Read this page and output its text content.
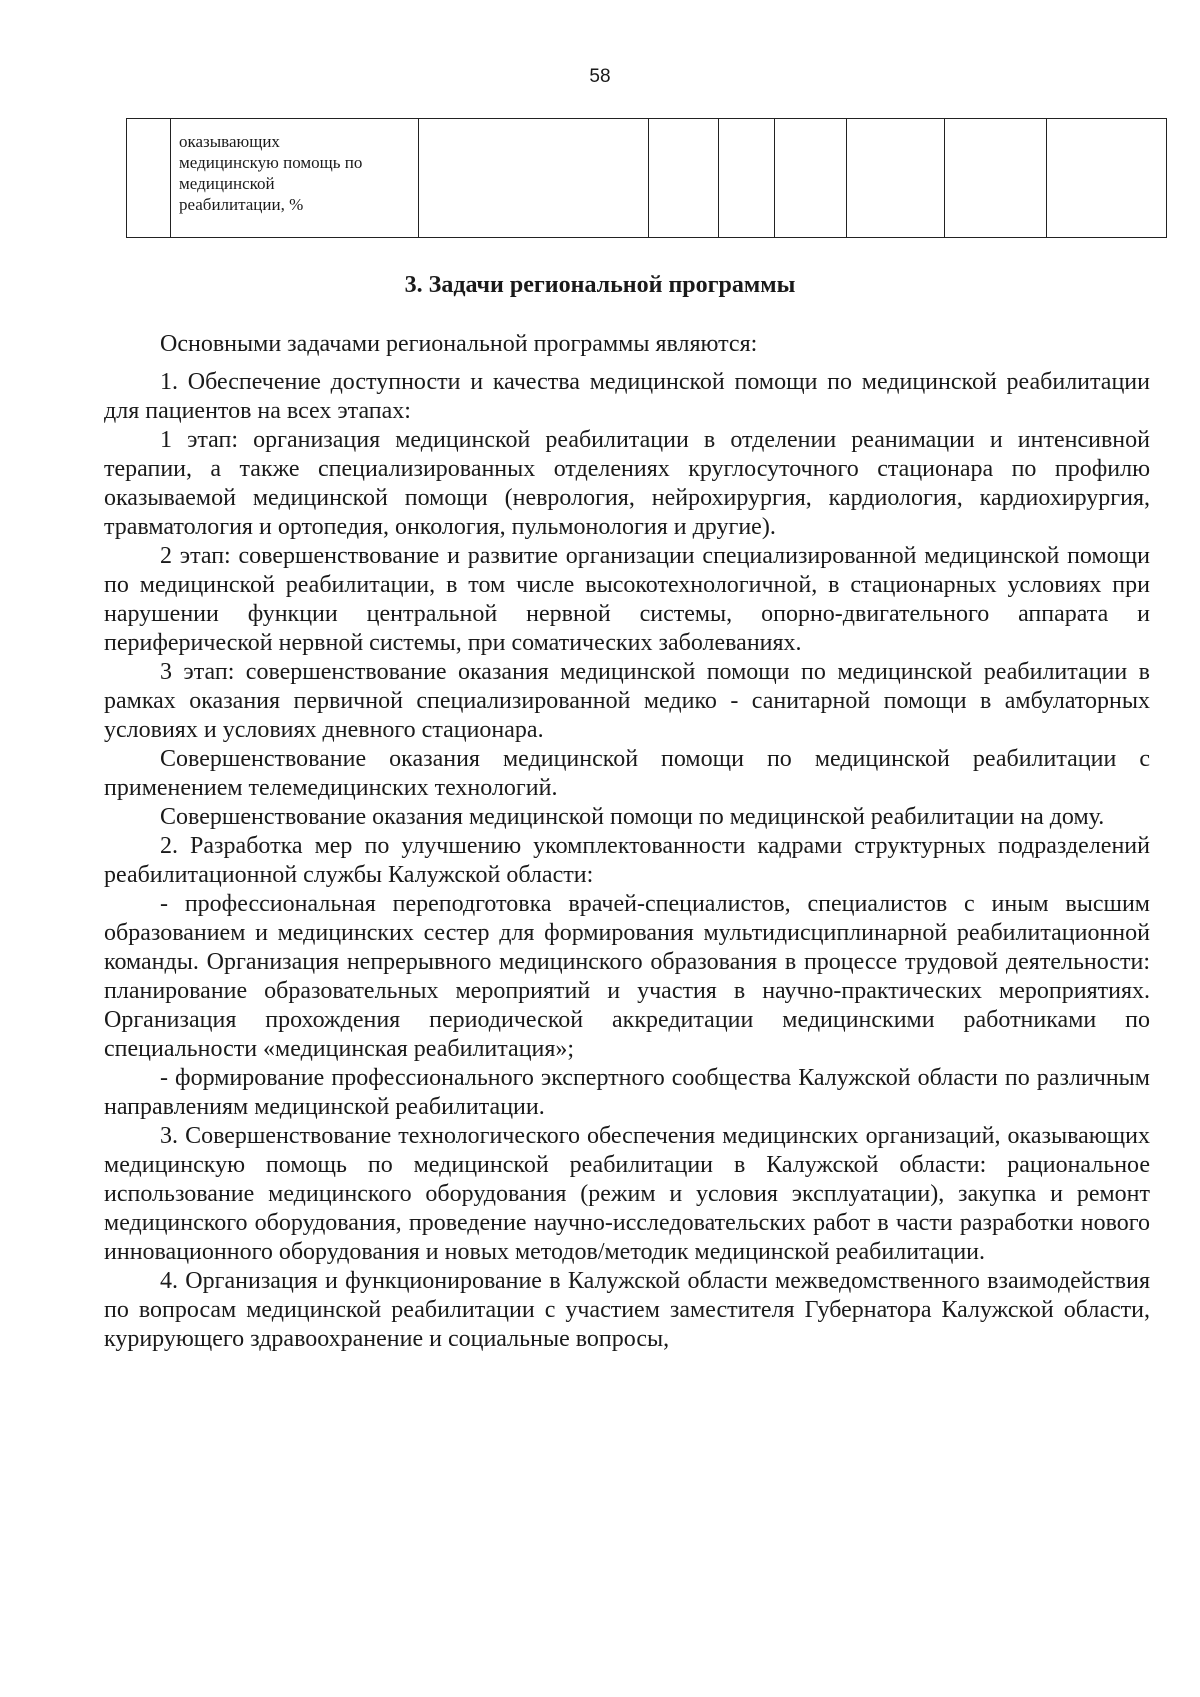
58

оказывающих
медицинскую помощь по
медицинской
реабилитации, %

3. Задачи региональной программы

Основными задачами региональной программы являются:

1. Обеспечение доступности и качества медицинской помощи по медицинской реабилитации для пациентов на всех этапах:

1 этап: организация медицинской реабилитации в отделении реанимации и интенсивной терапии, а также специализированных отделениях круглосуточного стационара по профилю оказываемой медицинской помощи (неврология, нейрохирургия, кардиология, кардиохирургия, травматология и ортопедия, онкология, пульмонология и другие).

2 этап: совершенствование и развитие организации специализированной медицинской помощи по медицинской реабилитации, в том числе высокотехнологичной, в стационарных условиях при нарушении функции центральной нервной системы, опорно-двигательного аппарата и периферической нервной системы, при соматических заболеваниях.

3 этап: совершенствование оказания медицинской помощи по медицинской реабилитации в рамках оказания первичной специализированной медико - санитарной помощи в амбулаторных условиях и условиях дневного стационара.

Совершенствование оказания медицинской помощи по медицинской реабилитации с применением телемедицинских технологий.

Совершенствование оказания медицинской помощи по медицинской реабилитации на дому.

2. Разработка мер по улучшению укомплектованности кадрами структурных подразделений реабилитационной службы Калужской области:

- профессиональная переподготовка врачей-специалистов, специалистов с иным высшим образованием и медицинских сестер для формирования мультидисциплинарной реабилитационной команды. Организация непрерывного медицинского образования в процессе трудовой деятельности: планирование образовательных мероприятий и участия в научно-практических мероприятиях. Организация прохождения периодической аккредитации медицинскими работниками по специальности «медицинская реабилитация»;

- формирование профессионального экспертного сообщества Калужской области по различным направлениям медицинской реабилитации.

3. Совершенствование технологического обеспечения медицинских организаций, оказывающих медицинскую помощь по медицинской реабилитации в Калужской области: рациональное использование медицинского оборудования (режим и условия эксплуатации), закупка и ремонт медицинского оборудования, проведение научно-исследовательских работ в части разработки нового инновационного оборудования и новых методов/методик медицинской реабилитации.

4. Организация и функционирование в Калужской области межведомственного взаимодействия по вопросам медицинской реабилитации с участием заместителя Губернатора Калужской области, курирующего здравоохранение и социальные вопросы,
